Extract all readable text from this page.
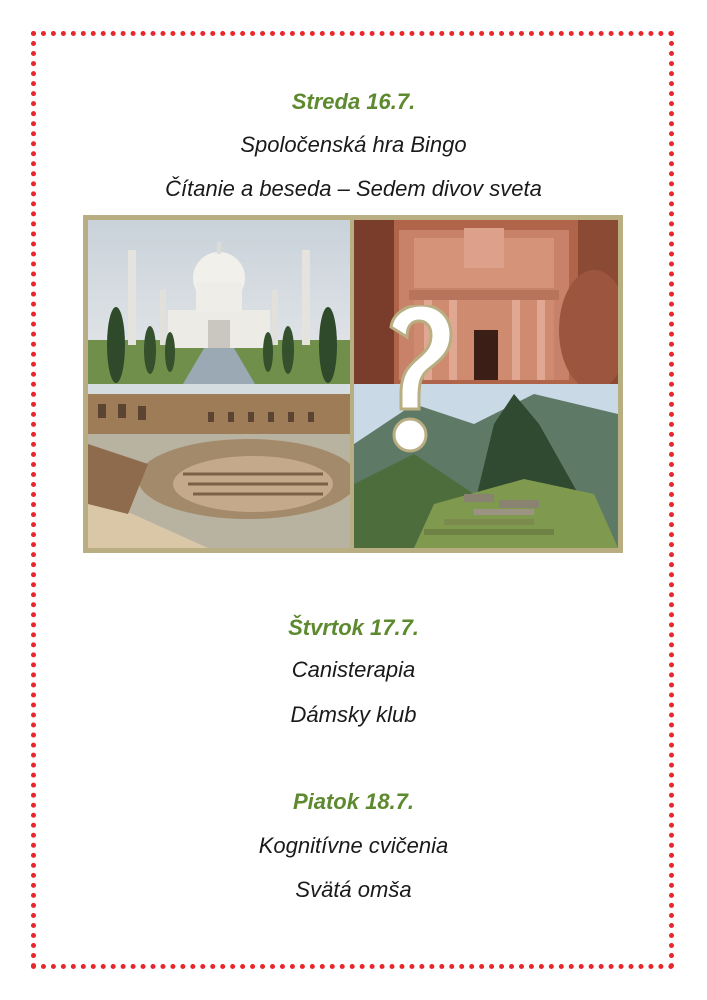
Streda 16.7.
Spoločenská hra Bingo
Čítanie a beseda – Sedem divov sveta
Štvrtok 17.7.
Canisterapia
Dámsky klub
Piatok 18.7.
Kognitívne cvičenia
Svätá omša
